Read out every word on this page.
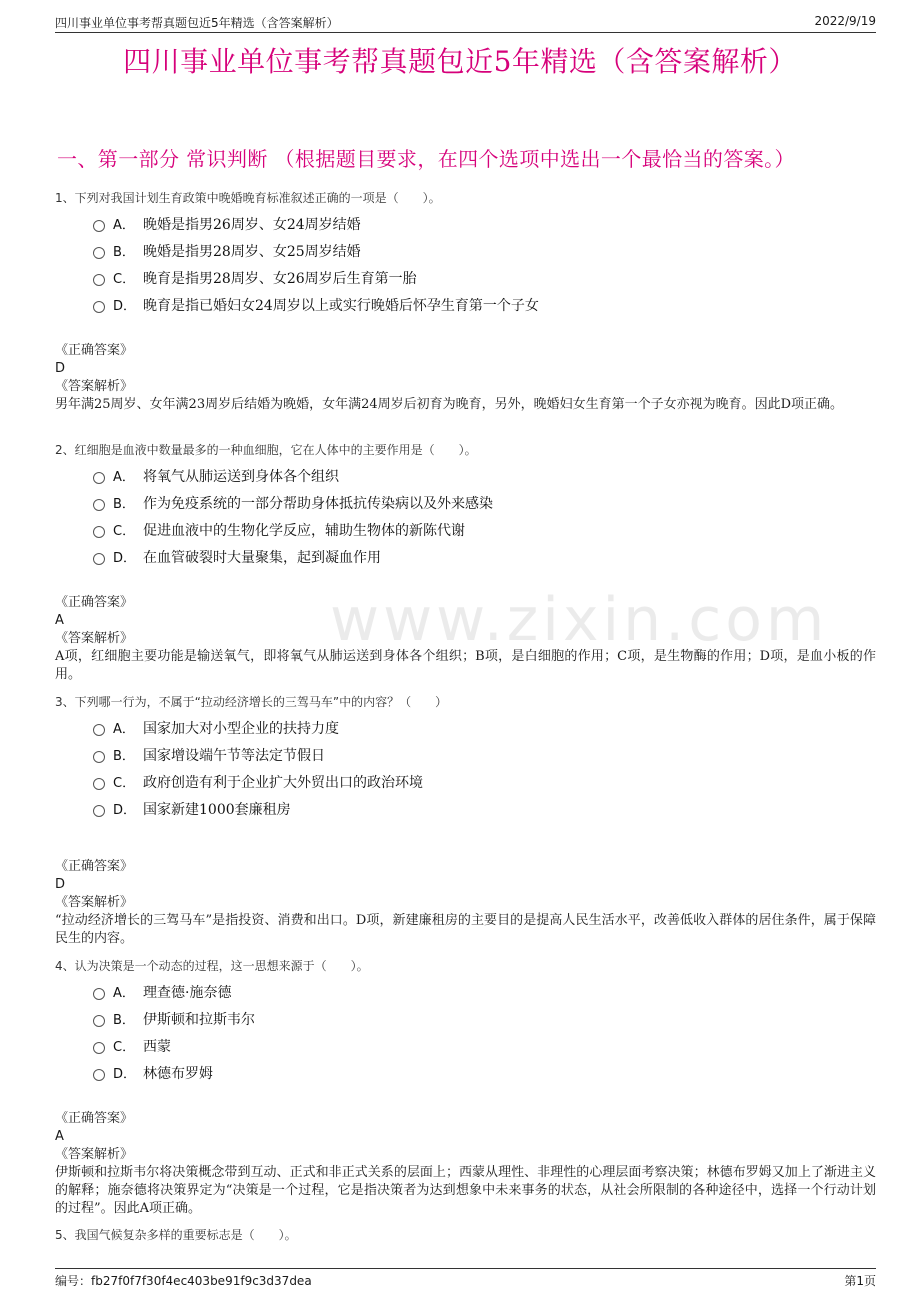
四川事业单位事考帮真题包近5年精选（含答案解析）	2022/9/19
四川事业单位事考帮真题包近5年精选（含答案解析）
一、第一部分 常识判断 （根据题目要求，在四个选项中选出一个最恰当的答案。）
www.zixin.com
1、下列对我国计划生育政策中晚婚晚育标准叙述正确的一项是（　　）。
A． 晚婚是指男26周岁、女24周岁结婚
B． 晚婚是指男28周岁、女25周岁结婚
C． 晚育是指男28周岁、女26周岁后生育第一胎
D． 晚育是指已婚妇女24周岁以上或实行晚婚后怀孕生育第一个子女
《正确答案》
D
《答案解析》
男年满25周岁、女年满23周岁后结婚为晚婚，女年满24周岁后初育为晚育，另外，晚婚妇女生育第一个子女亦视为晚育。因此D项正确。
2、红细胞是血液中数量最多的一种血细胞，它在人体中的主要作用是（　　）。
A． 将氧气从肺运送到身体各个组织
B． 作为免疫系统的一部分帮助身体抵抗传染病以及外来感染
C． 促进血液中的生物化学反应，辅助生物体的新陈代谢
D． 在血管破裂时大量聚集，起到凝血作用
《正确答案》
A
《答案解析》
A项，红细胞主要功能是输送氧气，即将氧气从肺运送到身体各个组织；B项，是白细胞的作用；C项，是生物酶的作用；D项，是血小板的作用。
3、下列哪一行为，不属于“拉动经济增长的三驾马车”中的内容？（　　）
A． 国家加大对小型企业的扶持力度
B． 国家增设端午节等法定节假日
C． 政府创造有利于企业扩大外贸出口的政治环境
D． 国家新建1000套廉租房
《正确答案》
D
《答案解析》
“拉动经济增长的三驾马车”是指投资、消费和出口。D项，新建廉租房的主要目的是提高人民生活水平，改善低收入群体的居住条件，属于保障民生的内容。
4、认为决策是一个动态的过程，这一思想来源于（　　）。
A． 理查德·施奈德
B． 伊斯顿和拉斯韦尔
C． 西蒙
D． 林德布罗姆
《正确答案》
A
《答案解析》
伊斯顿和拉斯韦尔将决策概念带到互动、正式和非正式关系的层面上；西蒙从理性、非理性的心理层面考察决策；林德布罗姆又加上了渐进主义的解释；施奈德将决策界定为“决策是一个过程，它是指决策者为达到想象中未来事务的状态，从社会所限制的各种途径中，选择一个行动计划的过程”。因此A项正确。
5、我国气候复杂多样的重要标志是（　　）。
编号：fb27f0f7f30f4ec403be91f9c3d37dea	第1页
